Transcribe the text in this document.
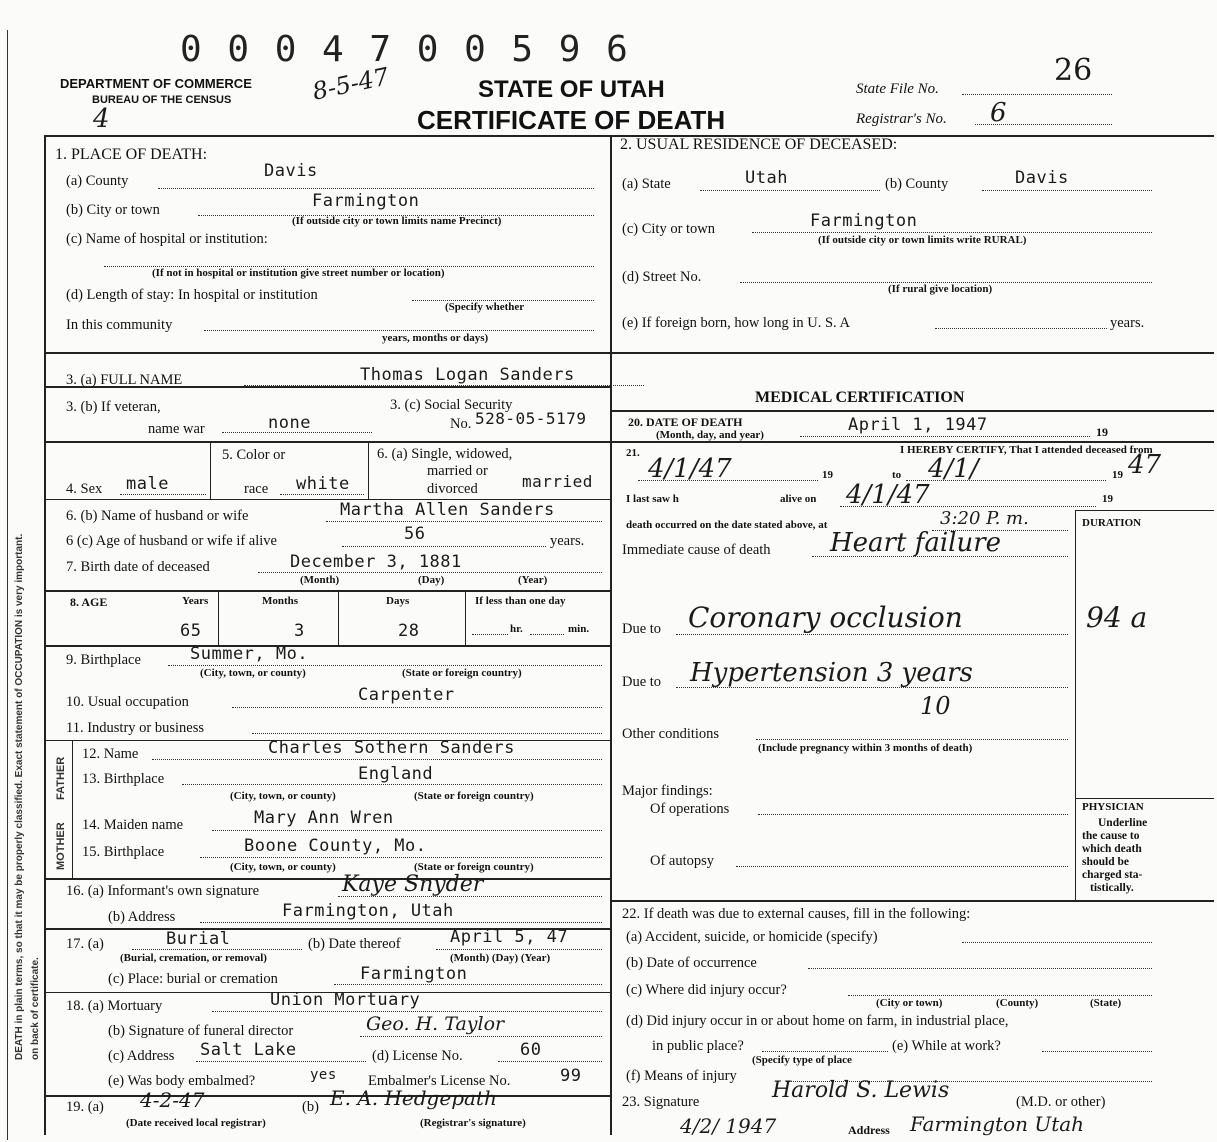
DEATH in plain terms, so that it may be properly classified. Exact statement of OCCUPATION is very important. on back of certificate.
0 0 0 4 7 0 0 5 9 6
DEPARTMENT OF COMMERCE
BUREAU OF THE CENSUS	8-5-47
4
STATE OF UTAH
CERTIFICATE OF DEATH
State File No.
26
Registrar's No. 6
1. PLACE OF DEATH:
(a) County	Davis
(b) City or town	Farmington
(If outside city or town limits name Precinct)
(c) Name of hospital or institution:
(If not in hospital or institution give street number or location)
(d) Length of stay: In hospital or institution
(Specify whether
In this community
years, months or days)
2. USUAL RESIDENCE OF DECEASED:
(a) State	Utah	(b) County	Davis
(c) City or town	Farmington
(If outside city or town limits write RURAL)
(d) Street No.
(If rural give location)
(e) If foreign born, how long in U. S. A	years.
3. (a) FULL NAME	Thomas Logan Sanders
3. (b) If veteran,
name war	none
3. (c) Social Security
No. 528-05-5179
5. Color or
race white
4. Sex male
6. (a) Single, widowed,
married or
divorced	married
6. (b) Name of husband or wife	Martha Allen Sanders
6 (c) Age of husband or wife if alive	56	years.
7. Birth date of deceased	December 3, 1881
(Month)	(Day)	(Year)
8. AGE	Years	Months	Days	If less than one day
65	3	28	hr.	min.
9. Birthplace	Summer, Mo.
(City, town, or county)	(State or foreign country)
10. Usual occupation	Carpenter
11. Industry or business
FATHER
MOTHER
12. Name	Charles Sothern Sanders
13. Birthplace	England
(City, town, or county)	(State or foreign country)
14. Maiden name	Mary Ann Wren
15. Birthplace	Boone County, Mo.
(City, town, or county)	(State or foreign country)
16. (a) Informant's own signature	Kaye Snyder
(b) Address	Farmington, Utah
17. (a)	Burial
(Burial, cremation, or removal)
(b) Date thereof	April 5, 47
(Month) (Day) (Year)
(c) Place: burial or cremation	Farmington
18. (a) Mortuary	Union Mortuary
(b) Signature of funeral director	Geo. H. Taylor
(c) Address Salt Lake	(d) License No.	60
(e) Was body embalmed?	yes Embalmer's License No.	99
19. (a) 4-2-47
(Date received local registrar)
(b) E. A. Hedgepath
(Registrar's signature)
MEDICAL CERTIFICATION
20. DATE OF DEATH
(Month, day, and year)	April 1, 1947	19
21.	I HEREBY CERTIFY, That I attended deceased from
4/1/47	19	to 4/1/	19 47
I last saw h	alive on 4/1/47	19
death occurred on the date stated above, at	3:20 P. m.	DURATION
Immediate cause of death Heart failure
Due to Coronary occlusion	94 a
Due to Hypertension 3 years
10
Other conditions
(Include pregnancy within 3 months of death)
Major findings:
Of operations
Of autopsy
PHYSICIAN
Underline
the cause to
which death
should be
charged sta-
tistically.
22. If death was due to external causes, fill in the following:
(a) Accident, suicide, or homicide (specify)
(b) Date of occurrence
(c) Where did injury occur?
(City or town)	(County)	(State)
(d) Did injury occur in or about home on farm, in industrial place,
in public place?
(Specify type of place
(e) While at work?
(f) Means of injury
23. Signature	Harold S. Lewis	(M.D. or other)
4/2/ 1947	Address Farmington Utah
